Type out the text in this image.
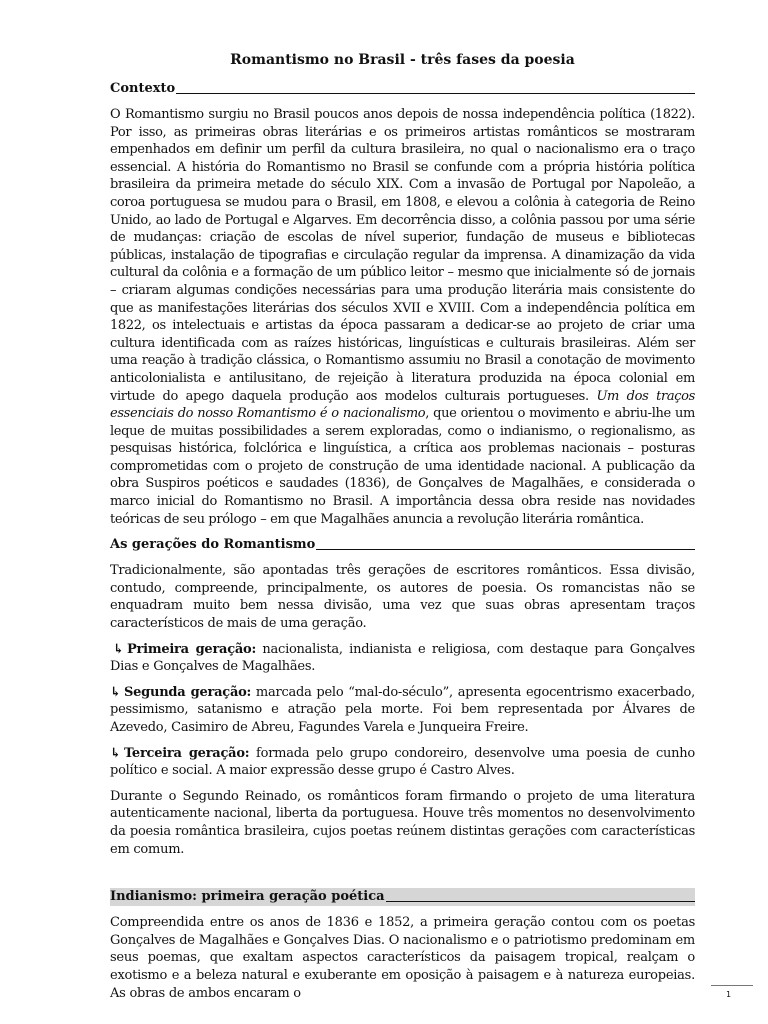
Romantismo no Brasil - três fases da poesia
Contexto

O Romantismo surgiu no Brasil poucos anos depois de nossa independência política (1822). Por isso, as primeiras obras literárias e os primeiros artistas românticos se mostraram empenhados em definir um perfil da cultura brasileira, no qual o nacionalismo era o traço essencial. A história do Romantismo no Brasil se confunde com a própria história política brasileira da primeira metade do século XIX. Com a invasão de Portugal por Napoleão, a coroa portuguesa se mudou para o Brasil, em 1808, e elevou a colônia à categoria de Reino Unido, ao lado de Portugal e Algarves. Em decorrência disso, a colônia passou por uma série de mudanças: criação de escolas de nível superior, fundação de museus e bibliotecas públicas, instalação de tipografias e circulação regular da imprensa. A dinamização da vida cultural da colônia e a formação de um público leitor – mesmo que inicialmente só de jornais – criaram algumas condições necessárias para uma produção literária mais consistente do que as manifestações literárias dos séculos XVII e XVIII. Com a independência política em 1822, os intelectuais e artistas da época passaram a dedicar-se ao projeto de criar uma cultura identificada com as raízes históricas, linguísticas e culturais brasileiras. Além ser uma reação à tradição clássica, o Romantismo assumiu no Brasil a conotação de movimento anticolonialista e antilusitano, de rejeição à literatura produzida na época colonial em virtude do apego daquela produção aos modelos culturais portugueses. Um dos traços essenciais do nosso Romantismo é o nacionalismo, que orientou o movimento e abriu-lhe um leque de muitas possibilidades a serem exploradas, como o indianismo, o regionalismo, as pesquisas histórica, folclórica e linguística, a crítica aos problemas nacionais – posturas comprometidas com o projeto de construção de uma identidade nacional. A publicação da obra Suspiros poéticos e saudades (1836), de Gonçalves de Magalhães, e considerada o marco inicial do Romantismo no Brasil. A importância dessa obra reside nas novidades teóricas de seu prólogo – em que Magalhães anuncia a revolução literária romântica.

As gerações do Romantismo

Tradicionalmente, são apontadas três gerações de escritores românticos. Essa divisão, contudo, compreende, principalmente, os autores de poesia. Os romancistas não se enquadram muito bem nessa divisão, uma vez que suas obras apresentam traços característicos de mais de uma geração.

↳ Primeira geração: nacionalista, indianista e religiosa, com destaque para Gonçalves Dias e Gonçalves de Magalhães.

↳ Segunda geração: marcada pelo “mal-do-século”, apresenta egocentrismo exacerbado, pessimismo, satanismo e atração pela morte. Foi bem representada por Álvares de Azevedo, Casimiro de Abreu, Fagundes Varela e Junqueira Freire.

↳ Terceira geração: formada pelo grupo condoreiro, desenvolve uma poesia de cunho político e social. A maior expressão desse grupo é Castro Alves.

Durante o Segundo Reinado, os românticos foram firmando o projeto de uma literatura autenticamente nacional, liberta da portuguesa. Houve três momentos no desenvolvimento da poesia romântica brasileira, cujos poetas reúnem distintas gerações com características em comum.

Indianismo: primeira geração poética

Compreendida entre os anos de 1836 e 1852, a primeira geração contou com os poetas Gonçalves de Magalhães e Gonçalves Dias. O nacionalismo e o patriotismo predominam em seus poemas, que exaltam aspectos característicos da paisagem tropical, realçam o exotismo e a beleza natural e exuberante em oposição à paisagem e à natureza europeias. As obras de ambos encaram o	1
